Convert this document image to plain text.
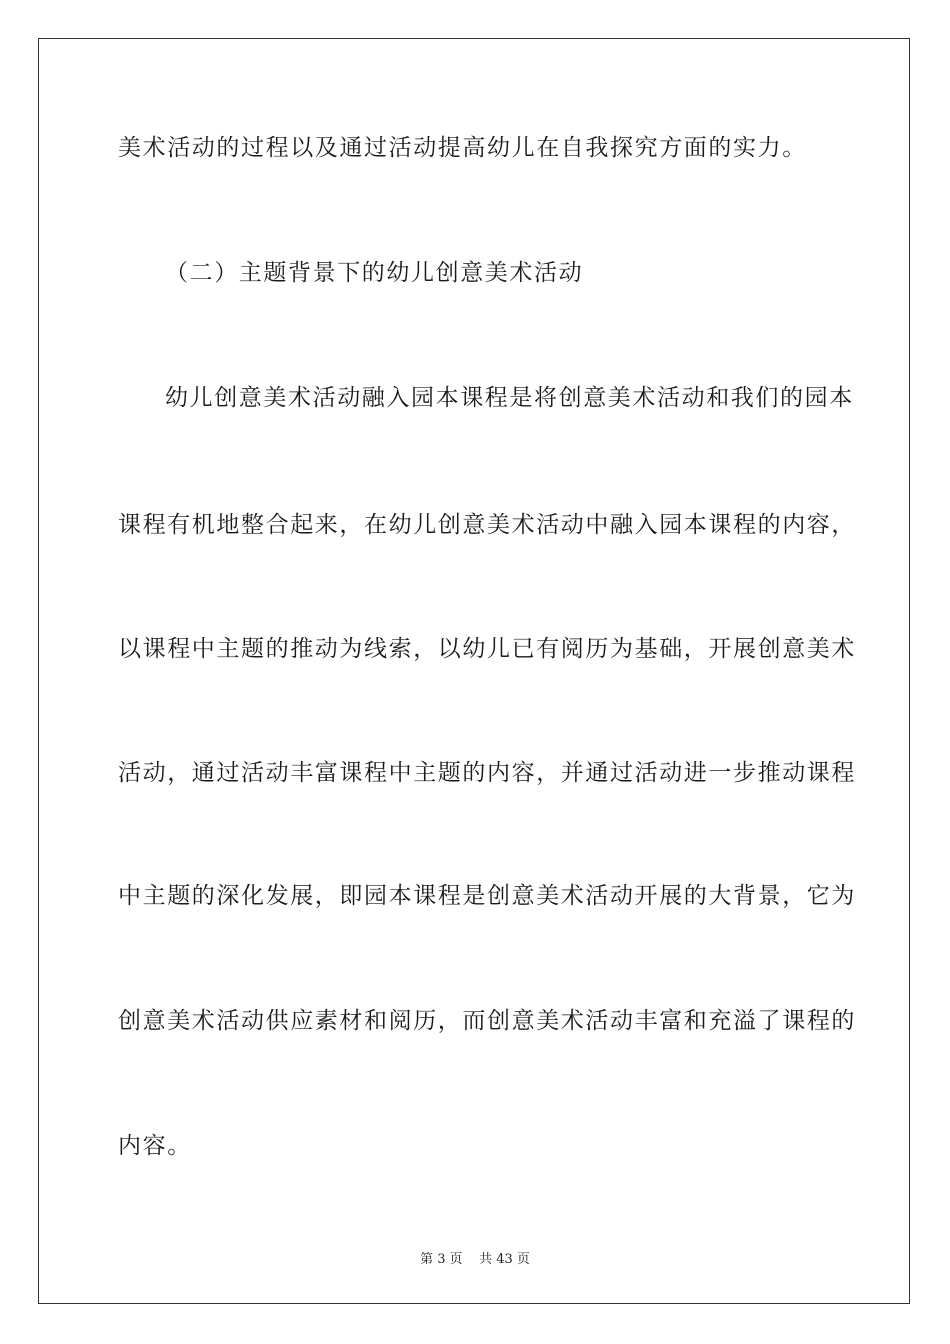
美术活动的过程以及通过活动提高幼儿在自我探究方面的实力。
（二）主题背景下的幼儿创意美术活动
幼儿创意美术活动融入园本课程是将创意美术活动和我们的园本
课程有机地整合起来，在幼儿创意美术活动中融入园本课程的内容，
以课程中主题的推动为线索，以幼儿已有阅历为基础，开展创意美术
活动，通过活动丰富课程中主题的内容，并通过活动进一步推动课程
中主题的深化发展，即园本课程是创意美术活动开展的大背景，它为
创意美术活动供应素材和阅历，而创意美术活动丰富和充溢了课程的
内容。
第 3 页    共 43 页
